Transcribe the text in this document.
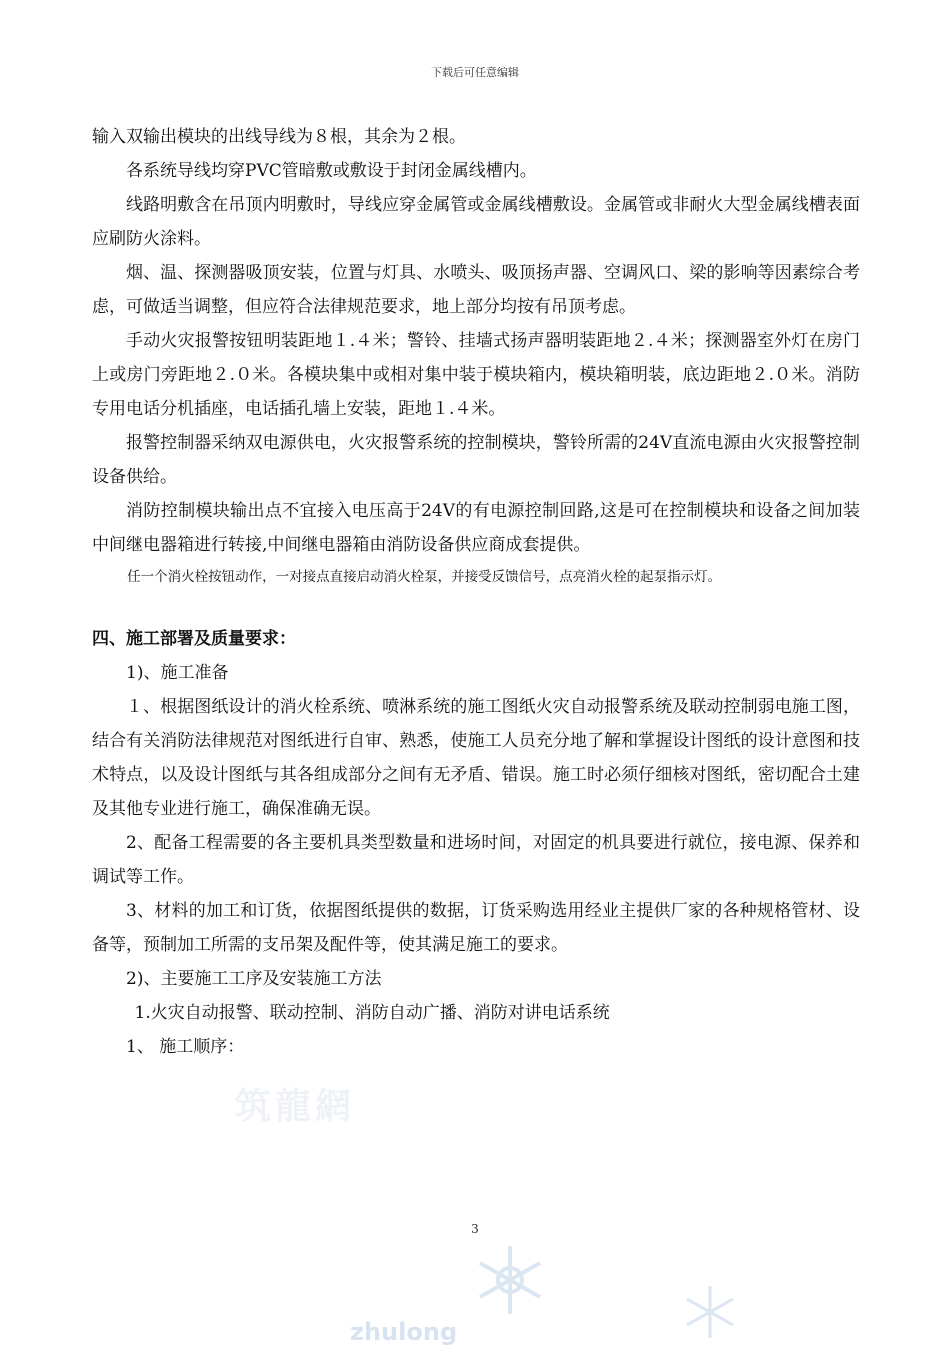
下载后可任意编辑

输入双输出模块的出线导线为８根，其余为２根。

各系统导线均穿PVC管暗敷或敷设于封闭金属线槽内。

线路明敷含在吊顶内明敷时，导线应穿金属管或金属线槽敷设。金属管或非耐火大型金属线槽表面应刷防火涂料。

烟、温、探测器吸顶安装，位置与灯具、水喷头、吸顶扬声器、空调风口、梁的影响等因素综合考虑，可做适当调整，但应符合法律规范要求，地上部分均按有吊顶考虑。

手动火灾报警按钮明装距地１.４米；警铃、挂墙式扬声器明装距地２.４米；探测器室外灯在房门上或房门旁距地２.０米。各模块集中或相对集中装于模块箱内，模块箱明装，底边距地２.０米。消防专用电话分机插座，电话插孔墙上安装，距地１.４米。

报警控制器采纳双电源供电，火灾报警系统的控制模块，警铃所需的24V直流电源由火灾报警控制设备供给。

消防控制模块输出点不宜接入电压高于24V的有电源控制回路,这是可在控制模块和设备之间加装中间继电器箱进行转接,中间继电器箱由消防设备供应商成套提供。

任一个消火栓按钮动作，一对接点直接启动消火栓泵，并接受反馈信号，点亮消火栓的起泵指示灯。

四、施工部署及质量要求：

1)、施工准备

１、根据图纸设计的消火栓系统、喷淋系统的施工图纸火灾自动报警系统及联动控制弱电施工图，结合有关消防法律规范对图纸进行自审、熟悉，使施工人员充分地了解和掌握设计图纸的设计意图和技术特点，以及设计图纸与其各组成部分之间有无矛盾、错误。施工时必须仔细核对图纸，密切配合土建及其他专业进行施工，确保准确无误。

2、配备工程需要的各主要机具类型数量和进场时间，对固定的机具要进行就位，接电源、保养和调试等工作。

3、材料的加工和订货，依据图纸提供的数据，订货采购选用经业主提供厂家的各种规格管材、设备等，预制加工所需的支吊架及配件等，使其满足施工的要求。

2)、主要施工工序及安装施工方法

1.火灾自动报警、联动控制、消防自动广播、消防对讲电话系统

1、 施工顺序：

筑龍網
3
zhulong
